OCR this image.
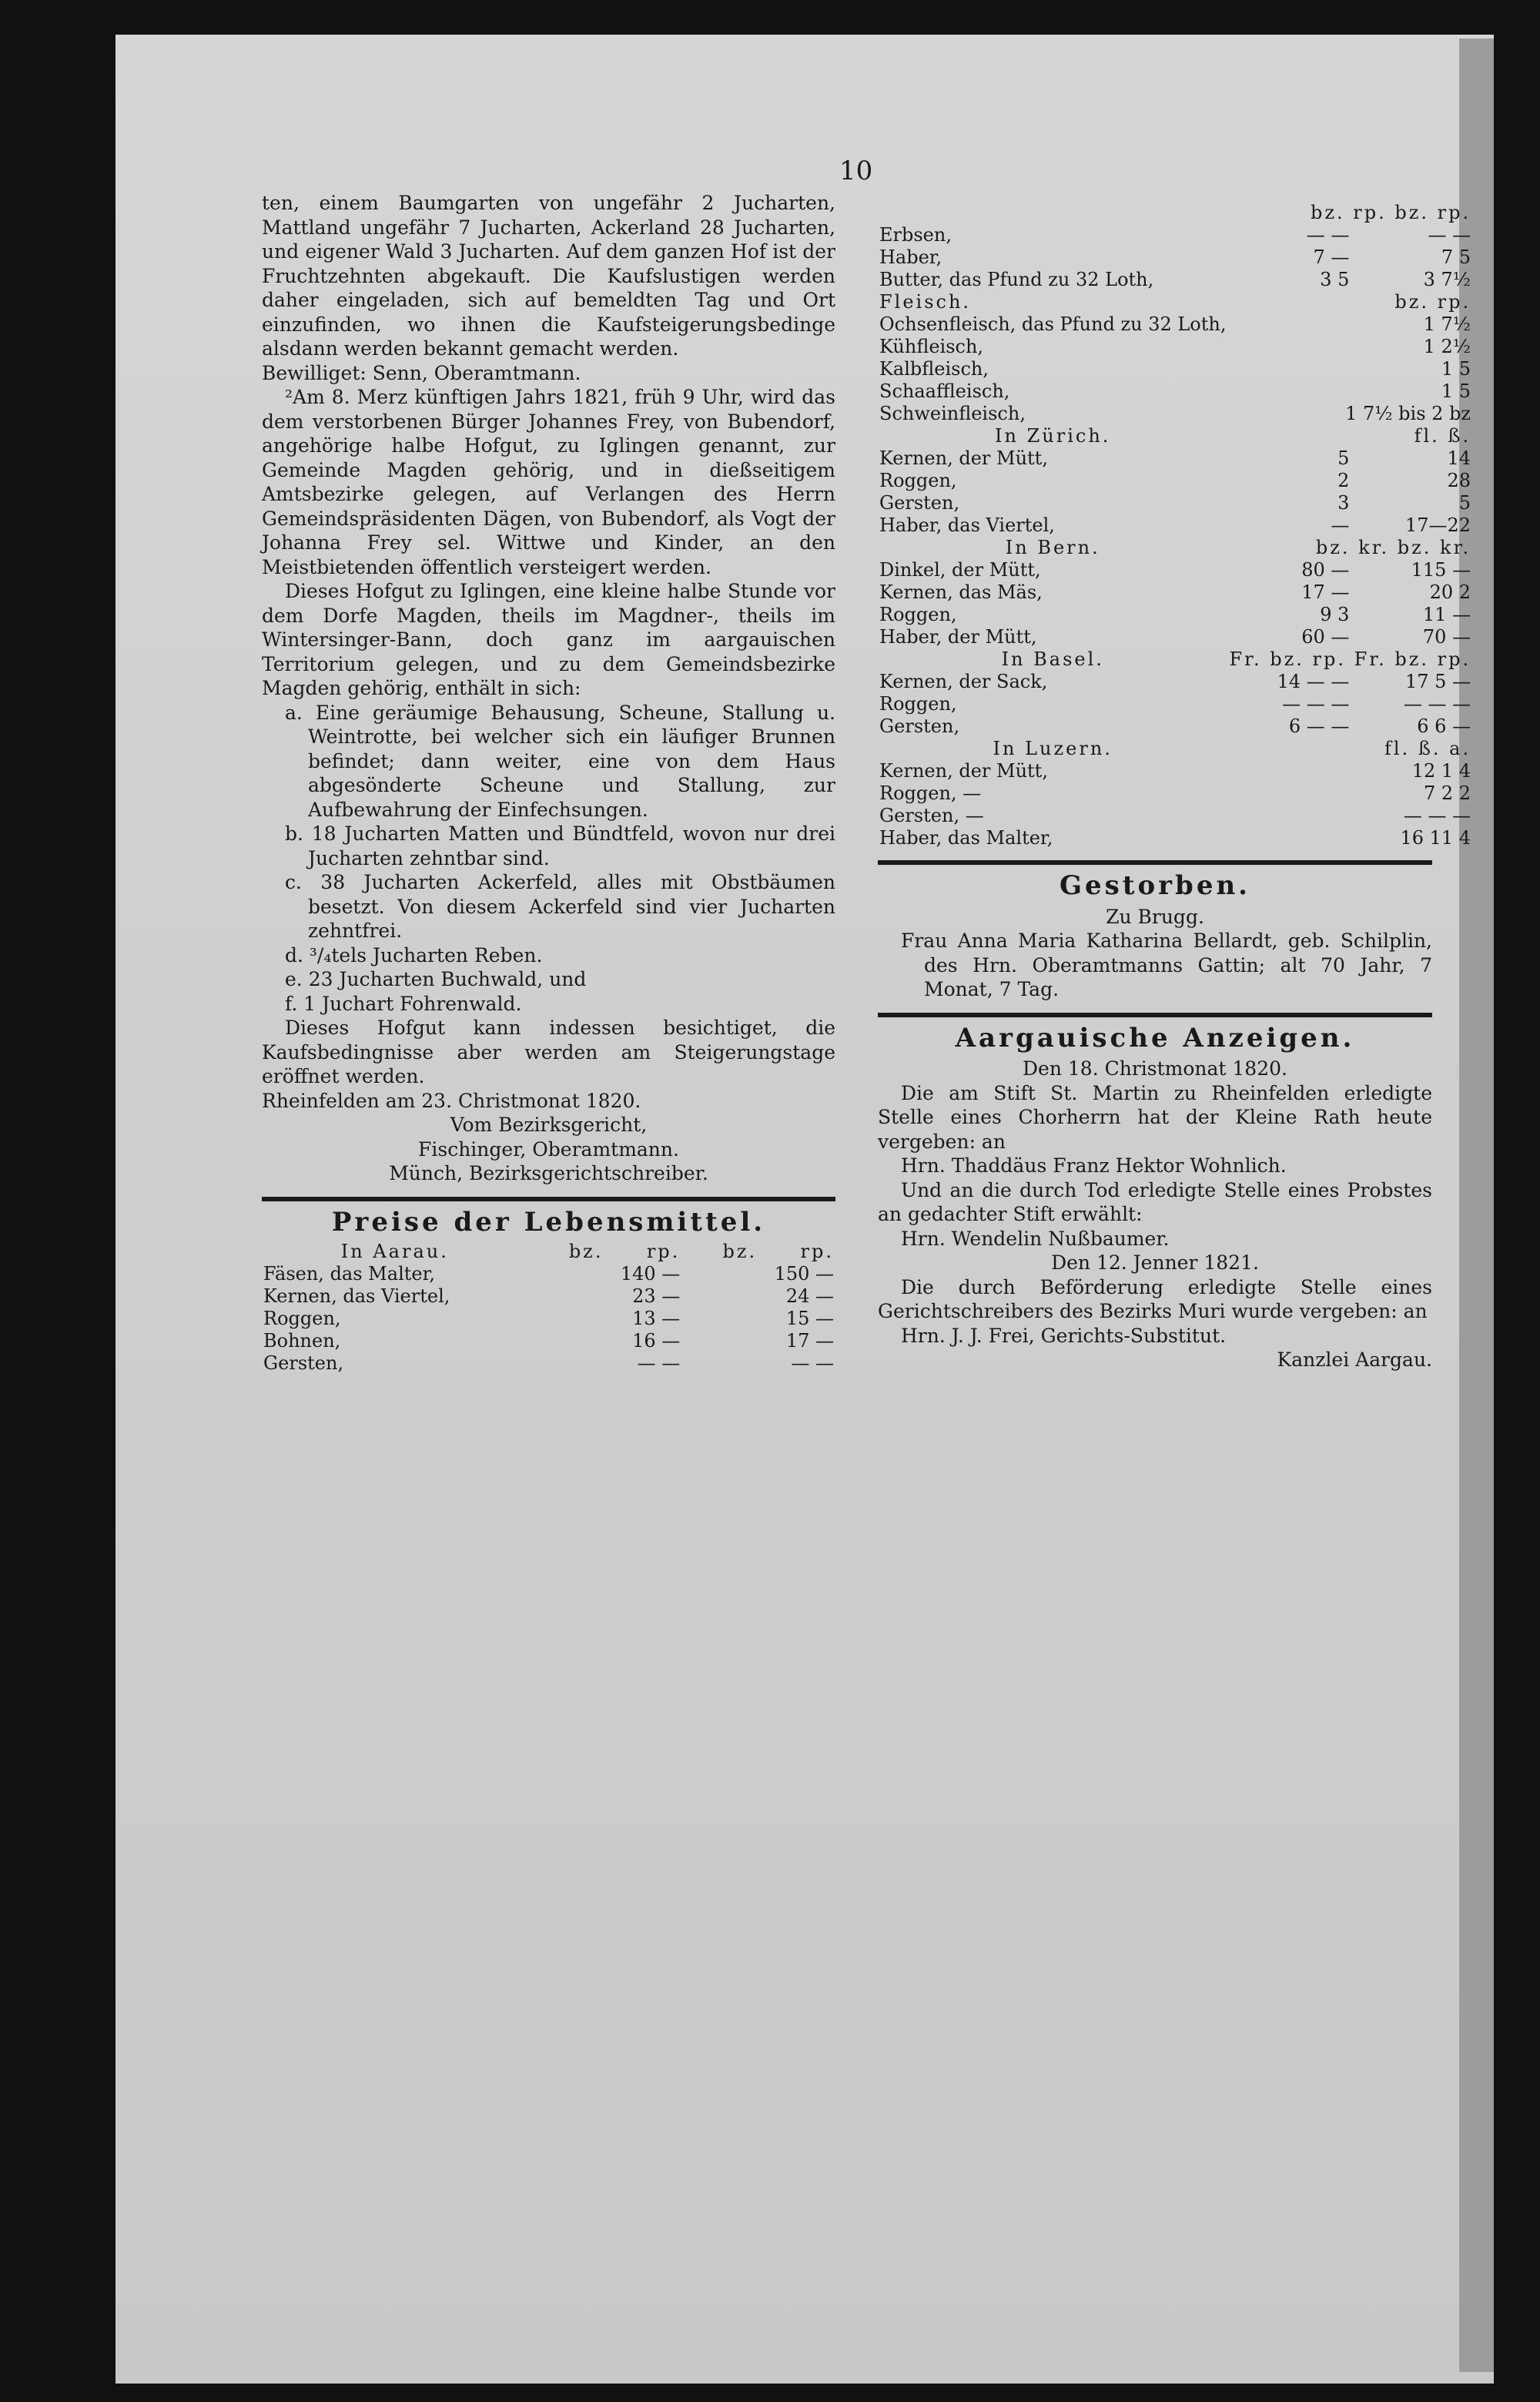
10

ten, einem Baumgarten von ungefähr 2 Jucharten, Mattland ungefähr 7 Jucharten, Ackerland 28 Jucharten, und eigener Wald 3 Jucharten. Auf dem ganzen Hof ist der Fruchtzehnten abgekauft. Die Kaufslustigen werden daher eingeladen, sich auf bemeldten Tag und Ort einzufinden, wo ihnen die Kaufsteigerungsbedinge alsdann werden bekannt gemacht werden.

Bewilliget: Senn, Oberamtmann.

²Am 8. Merz künftigen Jahrs 1821, früh 9 Uhr, wird das dem verstorbenen Bürger Johannes Frey, von Bubendorf, angehörige halbe Hofgut, zu Iglingen genannt, zur Gemeinde Magden gehörig, und in dießseitigem Amtsbezirke gelegen, auf Verlangen des Herrn Gemeindspräsidenten Dägen, von Bubendorf, als Vogt der Johanna Frey sel. Wittwe und Kinder, an den Meistbietenden öffentlich versteigert werden.

Dieses Hofgut zu Iglingen, eine kleine halbe Stunde vor dem Dorfe Magden, theils im Magdner-, theils im Wintersinger-Bann, doch ganz im aargauischen Territorium gelegen, und zu dem Gemeindsbezirke Magden gehörig, enthält in sich:

a. Eine geräumige Behausung, Scheune, Stallung u. Weintrotte, bei welcher sich ein läufiger Brunnen befindet; dann weiter, eine von dem Haus abgesönderte Scheune und Stallung, zur Aufbewahrung der Einfechsungen.

b. 18 Jucharten Matten und Bündtfeld, wovon nur drei Jucharten zehntbar sind.

c. 38 Jucharten Ackerfeld, alles mit Obstbäumen besetzt. Von diesem Ackerfeld sind vier Jucharten zehntfrei.

d. ³/₄tels Jucharten Reben.

e. 23 Jucharten Buchwald, und

f. 1 Juchart Fohrenwald.

Dieses Hofgut kann indessen besichtiget, die Kaufsbedingnisse aber werden am Steigerungstage eröffnet werden.

Rheinfelden am 23. Christmonat 1820.

Vom Bezirksgericht,

Fischinger, Oberamtmann.

Münch, Bezirksgerichtschreiber.

Preise der Lebensmittel.
In Aarau.	bz.	rp.	bz.	rp.
Fäsen, das Malter,	140 —		150 —	
Kernen, das Viertel,	23 —		24 —	
Roggen,	13 —		15 —	
Bohnen,	16 —		17 —	
Gersten,	— —		— —	
	bz. rp. bz. rp.	
Erbsen,	— —	— —
Haber,	7 —	7 5
Butter, das Pfund zu 32 Loth,	3 5	3 7½
Fleisch.	bz. rp.	
Ochsenfleisch, das Pfund zu 32 Loth,	1 7½	
Kühfleisch,	1 2½	
Kalbfleisch,	1 5	
Schaaffleisch,	1 5	
Schweinfleisch,	1 7½ bis 2 bz	
In Zürich.	fl. ß.	
Kernen, der Mütt,	5	14
Roggen,	2	28
Gersten,	3	5
Haber, das Viertel,	—	17—22
In Bern.	bz. kr. bz. kr.	
Dinkel, der Mütt,	80 —	115 —
Kernen, das Mäs,	17 —	20 2
Roggen,	9 3	11 —
Haber, der Mütt,	60 —	70 —
In Basel.	Fr. bz. rp. Fr. bz. rp.	
Kernen, der Sack,	14 — —	17 5 —
Roggen,	— — —	— — —
Gersten,	6 — —	6 6 —
In Luzern.	fl. ß. a.	
Kernen, der Mütt,		12 1 4
Roggen, —		7 2 2
Gersten, —		— — —
Haber, das Malter,		16 11 4
Gestorben.

Zu Brugg.

Frau Anna Maria Katharina Bellardt, geb. Schilplin, des Hrn. Oberamtmanns Gattin; alt 70 Jahr, 7 Monat, 7 Tag.

Aargauische Anzeigen.

Den 18. Christmonat 1820.

Die am Stift St. Martin zu Rheinfelden erledigte Stelle eines Chorherrn hat der Kleine Rath heute vergeben: an

Hrn. Thaddäus Franz Hektor Wohnlich.

Und an die durch Tod erledigte Stelle eines Probstes an gedachter Stift erwählt:

Hrn. Wendelin Nußbaumer.

Den 12. Jenner 1821.

Die durch Beförderung erledigte Stelle eines Gerichtschreibers des Bezirks Muri wurde vergeben: an

Hrn. J. J. Frei, Gerichts-Substitut.

Kanzlei Aargau.
